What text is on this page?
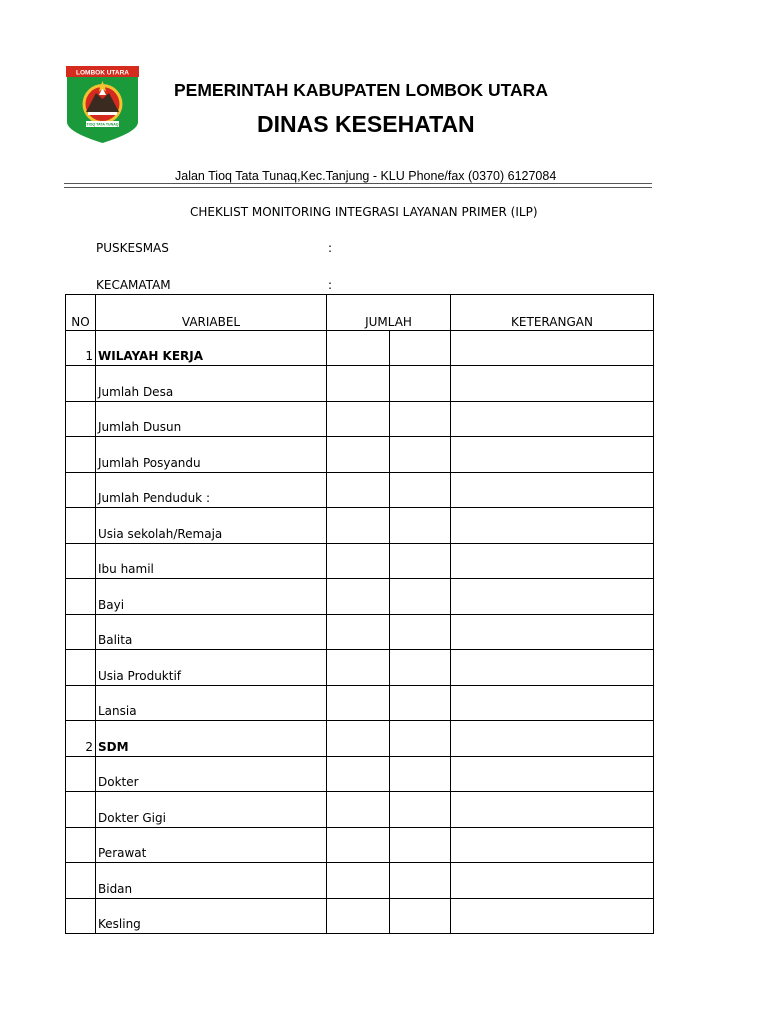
LOMBOK UTARA
TIOQ TATA TUNAQ
PEMERINTAH KABUPATEN LOMBOK UTARA
DINAS KESEHATAN
Jalan Tioq Tata Tunaq,Kec.Tanjung - KLU Phone/fax (0370) 6127084
CHEKLIST MONITORING INTEGRASI LAYANAN PRIMER (ILP)
PUSKESMAS	:
KECAMATAM	:
NO	VARIABEL	JUMLAH		KETERANGAN
1	WILAYAH KERJA			
	Jumlah Desa			
	Jumlah Dusun			
	Jumlah Posyandu			
	Jumlah Penduduk :			
	Usia sekolah/Remaja			
	Ibu hamil			
	Bayi			
	Balita			
	Usia Produktif			
	Lansia			
2	SDM			
	Dokter			
	Dokter Gigi			
	Perawat			
	Bidan			
	Kesling			
